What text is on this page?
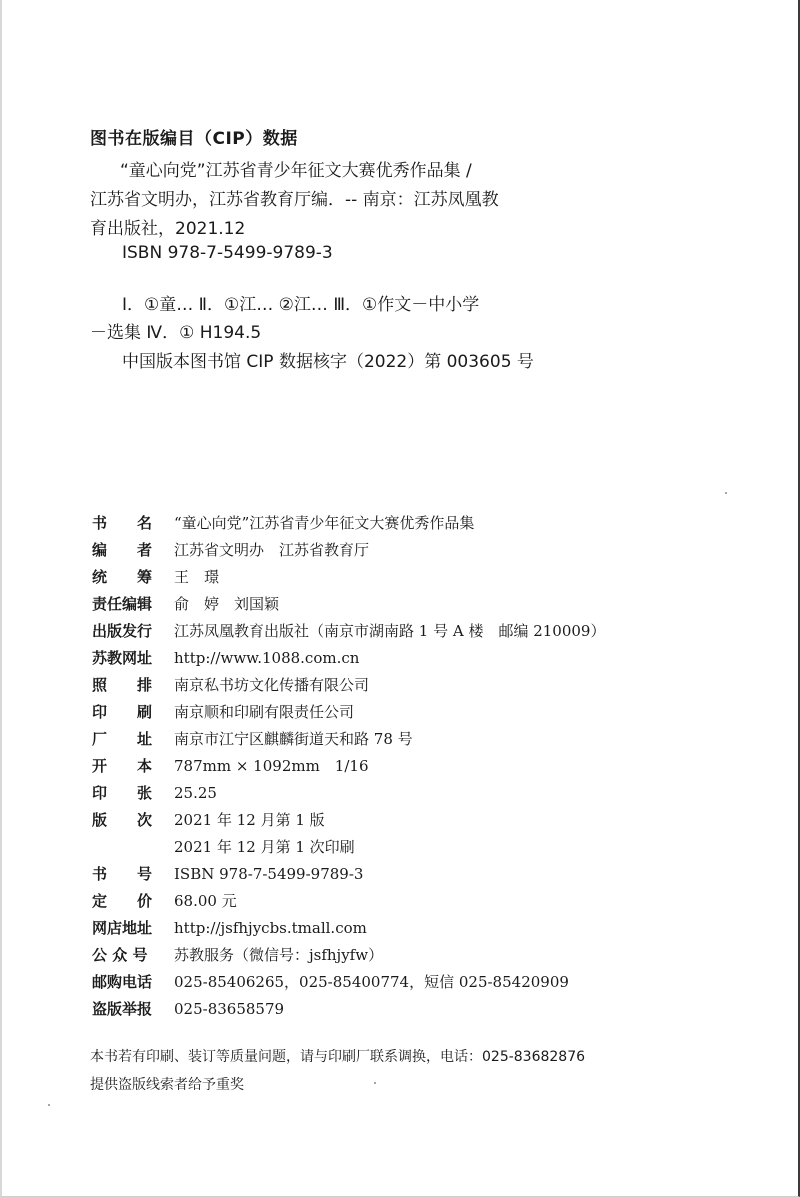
图书在版编目（CIP）数据
“童心向党”江苏省青少年征文大赛优秀作品集 /
江苏省文明办，江苏省教育厅编．-- 南京：江苏凤凰教
育出版社，2021.12
ISBN 978-7-5499-9789-3
Ⅰ．①童… Ⅱ．①江… ②江… Ⅲ．①作文－中小学
－选集 Ⅳ．① H194.5
中国版本图书馆 CIP 数据核字（2022）第 003605 号
书　　名	“童心向党”江苏省青少年征文大赛优秀作品集
编　　者	江苏省文明办　江苏省教育厅
统　　筹	王　璟
责任编辑	俞　婷　刘国颖
出版发行	江苏凤凰教育出版社（南京市湖南路 1 号 A 楼　邮编 210009）
苏教网址	http://www.1088.com.cn
照　　排	南京私书坊文化传播有限公司
印　　刷	南京顺和印刷有限责任公司
厂　　址	南京市江宁区麒麟街道天和路 78 号
开　　本	787mm × 1092mm　1/16
印　　张	25.25
版　　次	2021 年 12 月第 1 版
2021 年 12 月第 1 次印刷
书　　号	ISBN 978-7-5499-9789-3
定　　价	68.00 元
网店地址	http://jsfhjycbs.tmall.com
公 众 号	苏教服务（微信号：jsfhjyfw）
邮购电话	025-85406265，025-85400774，短信 025-85420909
盗版举报	025-83658579
本书若有印刷、装订等质量问题，请与印刷厂联系调换，电话：025-83682876
提供盗版线索者给予重奖
